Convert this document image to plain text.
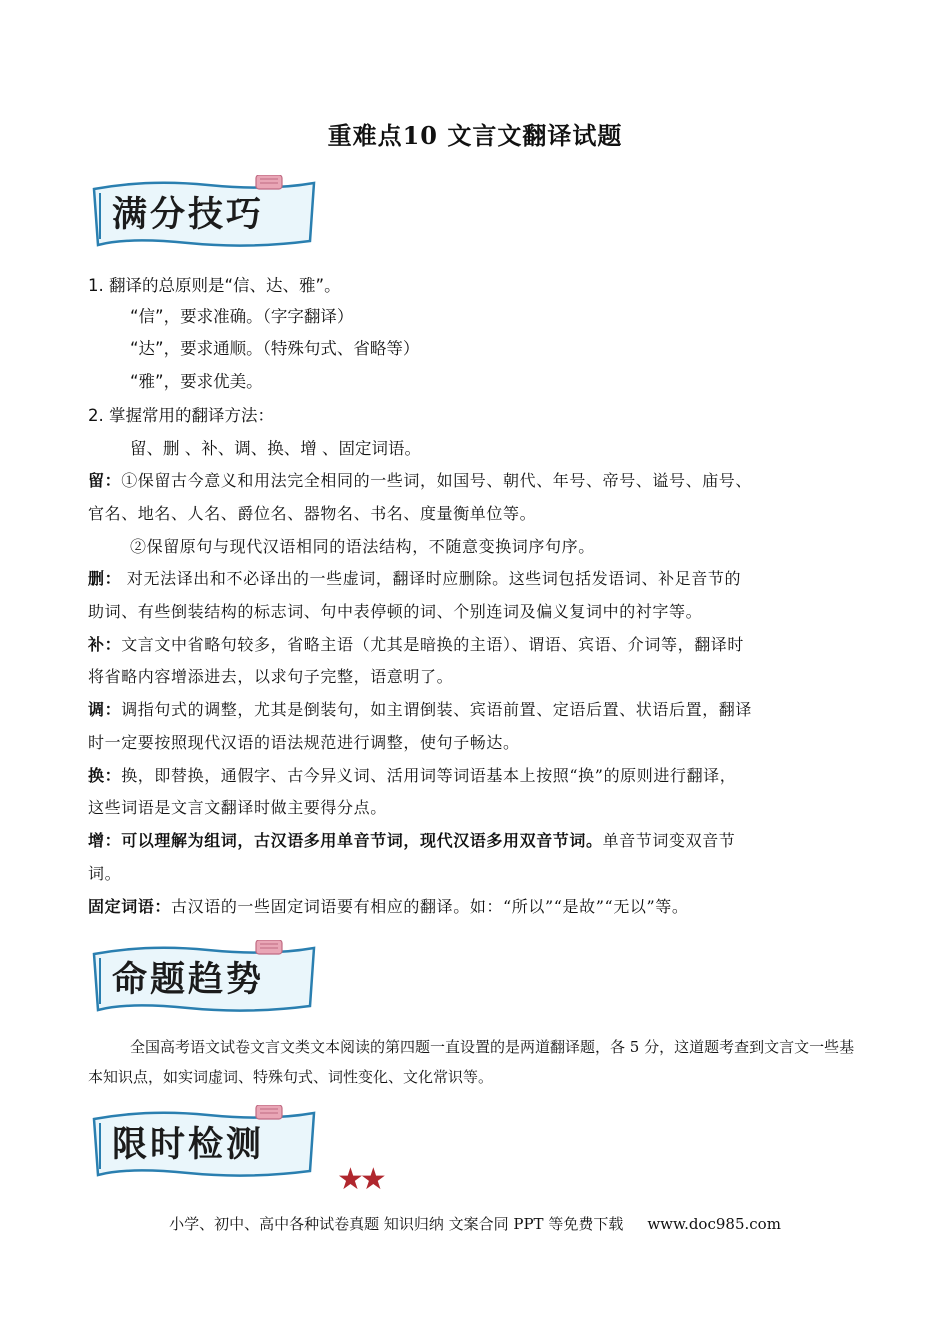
重难点10 文言文翻译试题
满分技巧
1. 翻译的总原则是“信、达、雅”。
“信”，要求准确。（字字翻译）
“达”，要求通顺。（特殊句式、省略等）
“雅”，要求优美。
2. 掌握常用的翻译方法：
留、删 、补、调、换、增 、固定词语。
留：①保留古今意义和用法完全相同的一些词，如国号、朝代、年号、帝号、谥号、庙号、
官名、地名、人名、爵位名、器物名、书名、度量衡单位等。
②保留原句与现代汉语相同的语法结构，不随意变换词序句序。
删： 对无法译出和不必译出的一些虚词，翻译时应删除。这些词包括发语词、补足音节的
助词、有些倒装结构的标志词、句中表停顿的词、个别连词及偏义复词中的衬字等。
补：文言文中省略句较多，省略主语（尤其是暗换的主语）、谓语、宾语、介词等，翻译时
将省略内容增添进去，以求句子完整，语意明了。
调：调指句式的调整，尤其是倒装句，如主谓倒装、宾语前置、定语后置、状语后置，翻译
时一定要按照现代汉语的语法规范进行调整，使句子畅达。
换：换，即替换，通假字、古今异义词、活用词等词语基本上按照“换”的原则进行翻译，
这些词语是文言文翻译时做主要得分点。
增：可以理解为组词，古汉语多用单音节词，现代汉语多用双音节词。单音节词变双音节
词。
固定词语：古汉语的一些固定词语要有相应的翻译。如：“所以”“是故”“无以”等。
命题趋势
全国高考语文试卷文言文类文本阅读的第四题一直设置的是两道翻译题，各 5 分，这道题考查到文言文一些基本知识点，如实词虚词、特殊句式、词性变化、文化常识等。
限时检测
★★
小学、初中、高中各种试卷真题 知识归纳 文案合同 PPT 等免费下载 www.doc985.com
